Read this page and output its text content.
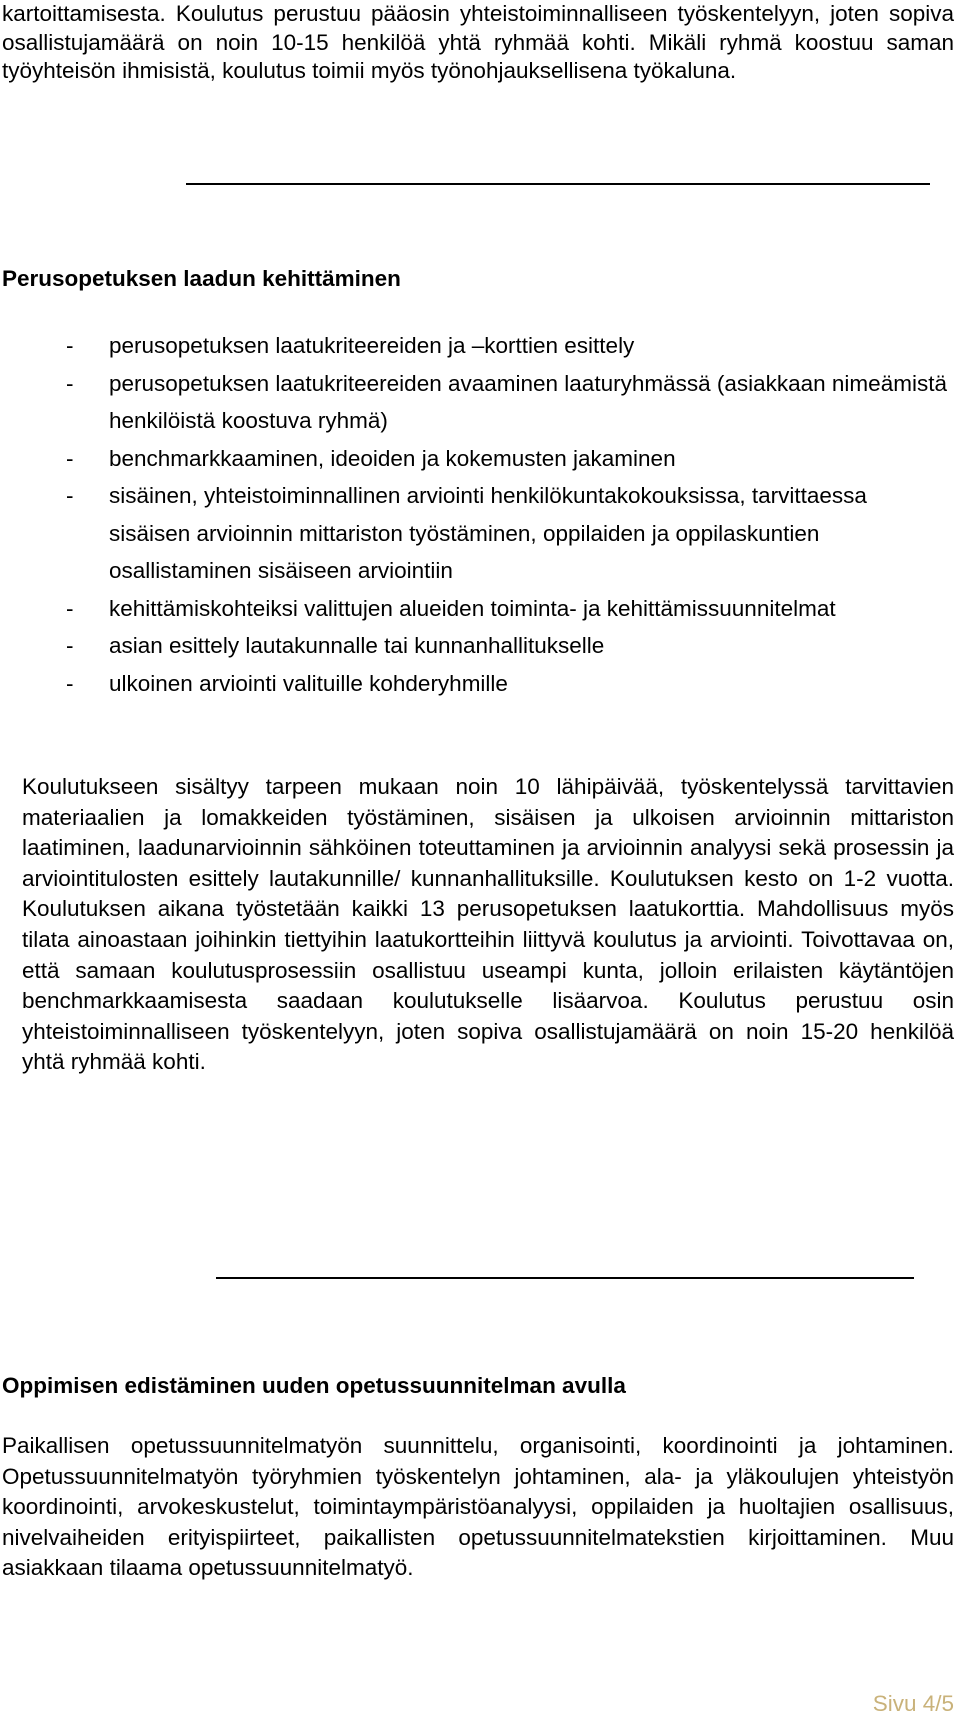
kartoittamisesta. Koulutus perustuu pääosin yhteistoiminnalliseen työskentelyyn, joten sopiva osallistujamäärä on noin 10-15 henkilöä yhtä ryhmää kohti. Mikäli ryhmä koostuu saman työyhteisön ihmisistä, koulutus toimii myös työnohjauksellisena työkaluna.

Perusopetuksen laadun kehittäminen
- perusopetuksen laatukriteereiden ja –korttien esittely
- perusopetuksen laatukriteereiden avaaminen laaturyhmässä (asiakkaan nimeämistä henkilöistä koostuva ryhmä)
- benchmarkkaaminen, ideoiden ja kokemusten jakaminen
- sisäinen, yhteistoiminnallinen arviointi henkilökuntakokouksissa, tarvittaessa sisäisen arvioinnin mittariston työstäminen, oppilaiden ja oppilaskuntien osallistaminen sisäiseen arviointiin
- kehittämiskohteiksi valittujen alueiden toiminta- ja kehittämissuunnitelmat
- asian esittely lautakunnalle tai kunnanhallitukselle
- ulkoinen arviointi valituille kohderyhmille

Koulutukseen sisältyy tarpeen mukaan noin 10 lähipäivää, työskentelyssä tarvittavien materiaalien ja lomakkeiden työstäminen, sisäisen ja ulkoisen arvioinnin mittariston laatiminen, laadunarvioinnin sähköinen toteuttaminen ja arvioinnin analyysi sekä prosessin ja arviointitulosten esittely lautakunnille/ kunnanhallituksille. Koulutuksen kesto on 1-2 vuotta. Koulutuksen aikana työstetään kaikki 13 perusopetuksen laatukorttia. Mahdollisuus myös tilata ainoastaan joihinkin tiettyihin laatukortteihin liittyvä koulutus ja arviointi. Toivottavaa on, että samaan koulutusprosessiin osallistuu useampi kunta, jolloin erilaisten käytäntöjen benchmarkkaamisesta saadaan koulutukselle lisäarvoa. Koulutus perustuu osin yhteistoiminnalliseen työskentelyyn, joten sopiva osallistujamäärä on noin 15-20 henkilöä yhtä ryhmää kohti.

Oppimisen edistäminen uuden opetussuunnitelman avulla

Paikallisen opetussuunnitelmatyön suunnittelu, organisointi, koordinointi ja johtaminen. Opetussuunnitelmatyön työryhmien työskentelyn johtaminen, ala- ja yläkoulujen yhteistyön koordinointi, arvokeskustelut, toimintaympäristöanalyysi, oppilaiden ja huoltajien osallisuus, nivelvaiheiden erityispiirteet, paikallisten opetussuunnitelmatekstien kirjoittaminen. Muu asiakkaan tilaama opetussuunnitelmatyö.

Sivu 4/5
